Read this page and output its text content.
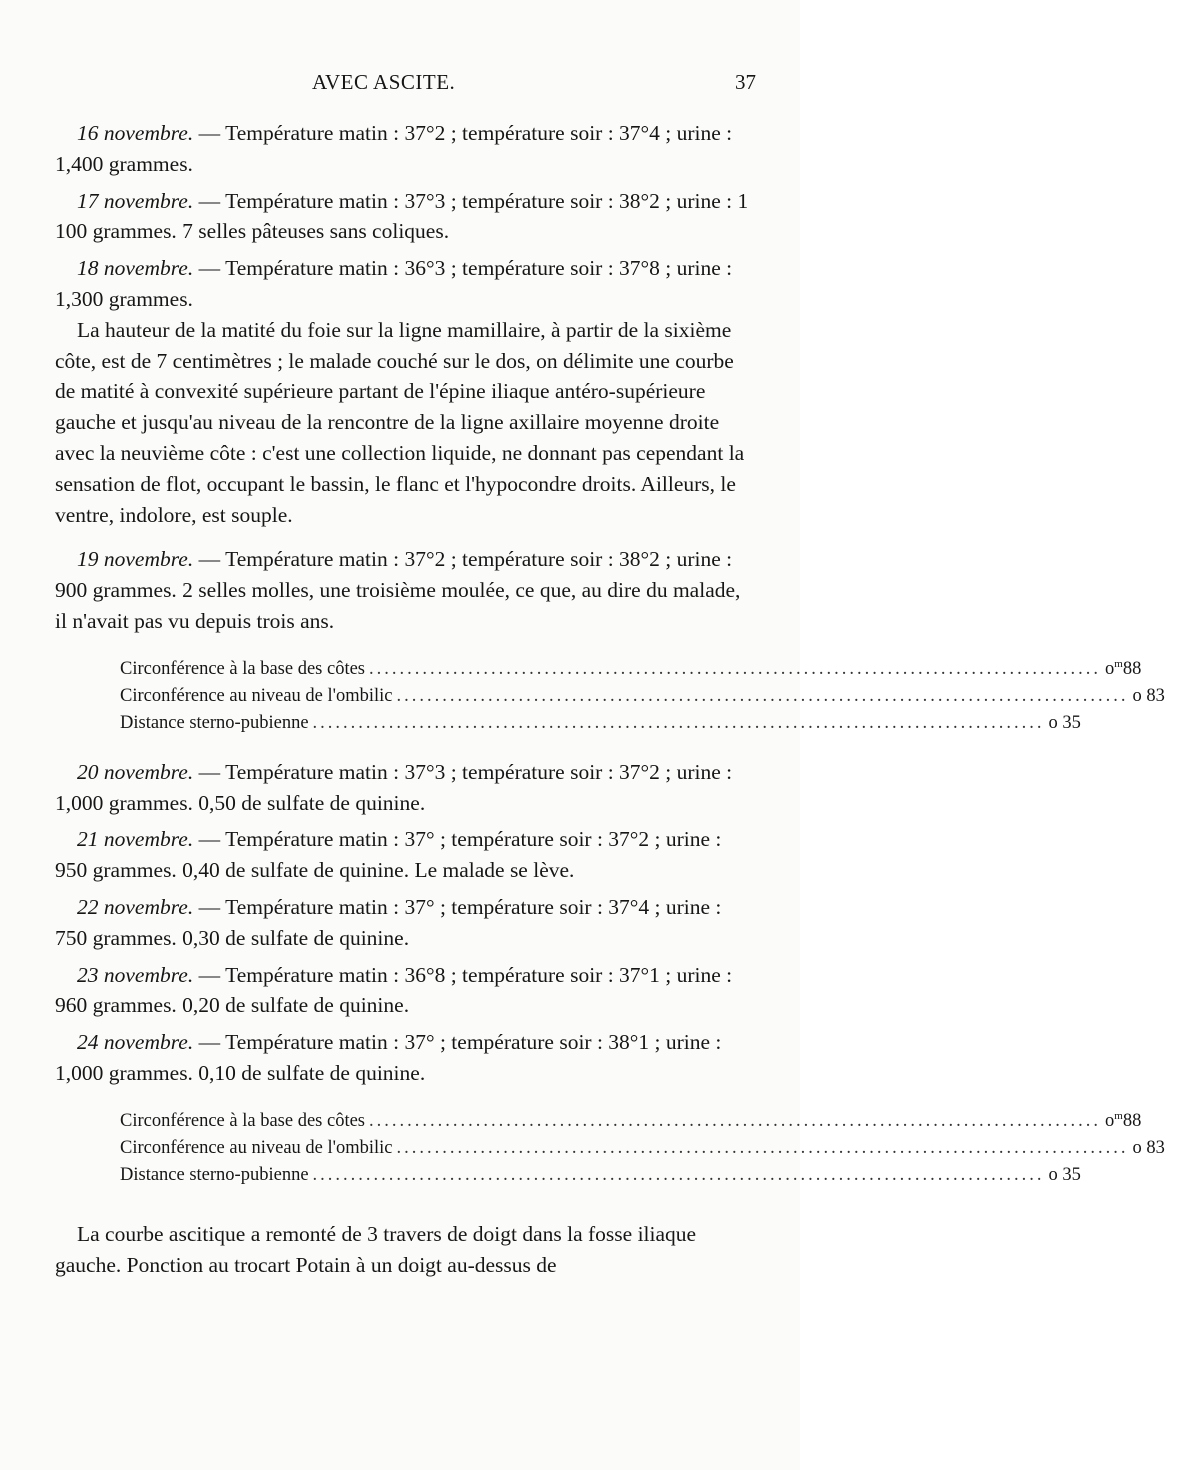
AVEC ASCITE.	37

16 novembre. — Température matin : 37°2 ; température soir : 37°4 ; urine : 1,400 grammes.

17 novembre. — Température matin : 37°3 ; température soir : 38°2 ; urine : 1 100 grammes. 7 selles pâteuses sans coliques.

18 novembre. — Température matin : 36°3 ; température soir : 37°8 ; urine : 1,300 grammes.

La hauteur de la matité du foie sur la ligne mamillaire, à partir de la sixième côte, est de 7 centimètres ; le malade couché sur le dos, on délimite une courbe de matité à convexité supérieure partant de l'épine iliaque antéro-supérieure gauche et jusqu'au niveau de la rencontre de la ligne axillaire moyenne droite avec la neuvième côte : c'est une collection liquide, ne donnant pas cependant la sensation de flot, occupant le bassin, le flanc et l'hypocondre droits. Ailleurs, le ventre, indolore, est souple.

19 novembre. — Température matin : 37°2 ; température soir : 38°2 ; urine : 900 grammes. 2 selles molles, une troisième moulée, ce que, au dire du malade, il n'avait pas vu depuis trois ans.

Circonférence à la base des côtes ................................................................................................ $o^m88$
Circonférence au niveau de l'ombilic ................................................................................................ o 83
Distance sterno-pubienne ................................................................................................ o 35

20 novembre. — Température matin : 37°3 ; température soir : 37°2 ; urine : 1,000 grammes. 0,50 de sulfate de quinine.

21 novembre. — Température matin : 37° ; température soir : 37°2 ; urine : 950 grammes. 0,40 de sulfate de quinine. Le malade se lève.

22 novembre. — Température matin : 37° ; température soir : 37°4 ; urine : 750 grammes. 0,30 de sulfate de quinine.

23 novembre. — Température matin : 36°8 ; température soir : 37°1 ; urine : 960 grammes. 0,20 de sulfate de quinine.

24 novembre. — Température matin : 37° ; température soir : 38°1 ; urine : 1,000 grammes. 0,10 de sulfate de quinine.

Circonférence à la base des côtes ................................................................................................ $o^m88$
Circonférence au niveau de l'ombilic ................................................................................................ o 83
Distance sterno-pubienne ................................................................................................ o 35

La courbe ascitique a remonté de 3 travers de doigt dans la fosse iliaque gauche. Ponction au trocart Potain à un doigt au-dessus de
